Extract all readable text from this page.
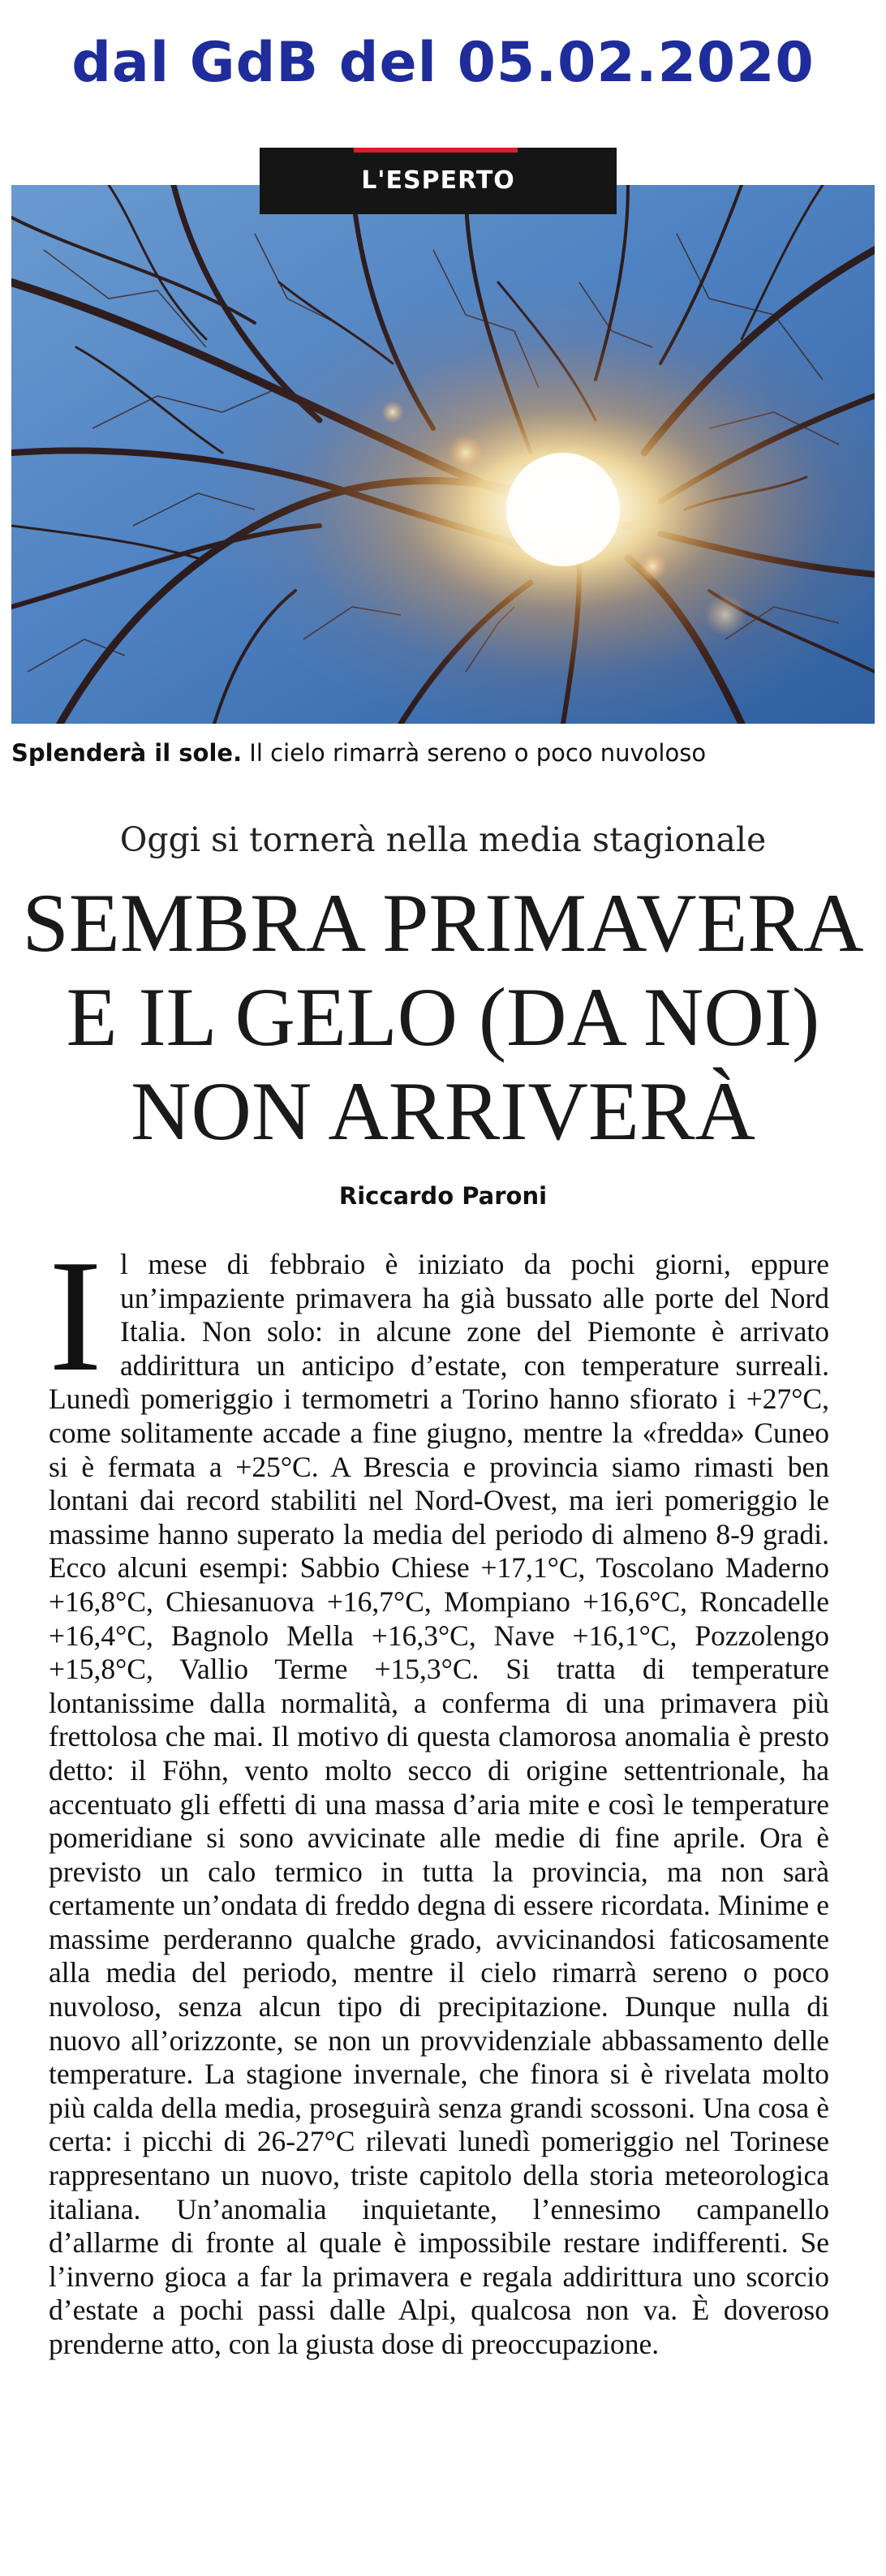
dal GdB del 05.02.2020
L'ESPERTO
Splenderà il sole. Il cielo rimarrà sereno o poco nuvoloso
Oggi si tornerà nella media stagionale
SEMBRA PRIMAVERA
E IL GELO (DA NOI)
NON ARRIVERÀ
Riccardo Paroni
I l mese di febbraio è iniziato da pochi giorni, eppure un’impaziente primavera ha già bussato alle porte del Nord Italia. Non solo: in alcune zone del Piemonte è arrivato addirittura un anticipo d’estate, con temperature surreali. Lunedì pomeriggio i termometri a Torino hanno sfiorato i +27°C, come solitamente accade a fine giugno, mentre la «fredda» Cuneo si è fermata a +25°C. A Brescia e provincia siamo rimasti ben lontani dai record stabiliti nel Nord-Ovest, ma ieri pomeriggio le massime hanno superato la media del periodo di almeno 8-9 gradi. Ecco alcuni esempi: Sabbio Chiese +17,1°C, Toscolano Maderno +16,8°C, Chiesanuova +16,7°C, Mompiano +16,6°C, Roncadelle +16,4°C, Bagnolo Mella +16,3°C, Nave +16,1°C, Pozzolengo +15,8°C, Vallio Terme +15,3°C. Si tratta di temperature lontanissime dalla normalità, a conferma di una primavera più frettolosa che mai. Il motivo di questa clamorosa anomalia è presto detto: il Föhn, vento molto secco di origine settentrionale, ha accentuato gli effetti di una massa d’aria mite e così le temperature pomeridiane si sono avvicinate alle medie di fine aprile. Ora è previsto un calo termico in tutta la provincia, ma non sarà certamente un’ondata di freddo degna di essere ricordata. Minime e massime perderanno qualche grado, avvicinandosi faticosamente alla media del periodo, mentre il cielo rimarrà sereno o poco nuvoloso, senza alcun tipo di precipitazione. Dunque nulla di nuovo all’orizzonte, se non un provvidenziale abbassamento delle temperature. La stagione invernale, che finora si è rivelata molto più calda della media, proseguirà senza grandi scossoni. Una cosa è certa: i picchi di 26-27°C rilevati lunedì pomeriggio nel Torinese rappresentano un nuovo, triste capitolo della storia meteorologica italiana. Un’anomalia inquietante, l’ennesimo campanello d’allarme di fronte al quale è impossibile restare indifferenti. Se l’inverno gioca a far la primavera e regala addirittura uno scorcio d’estate a pochi passi dalle Alpi, qualcosa non va. È doveroso prenderne atto, con la giusta dose di preoccupazione.
